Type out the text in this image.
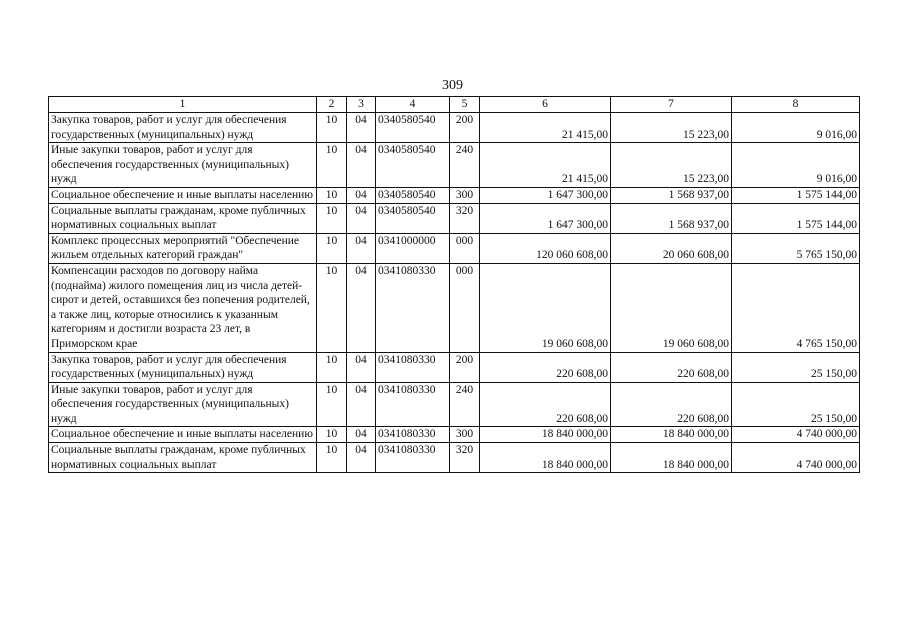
309
1	2	3	4	5	6	7	8
Закупка товаров, работ и услуг для обеспечения государственных (муниципальных) нужд	10	04	0340580540	200	21 415,00	15 223,00	9 016,00
Иные закупки товаров, работ и услуг для обеспечения государственных (муниципальных) нужд	10	04	0340580540	240	21 415,00	15 223,00	9 016,00
Социальное обеспечение и иные выплаты населению	10	04	0340580540	300	1 647 300,00	1 568 937,00	1 575 144,00
Социальные выплаты гражданам, кроме публичных нормативных социальных выплат	10	04	0340580540	320	1 647 300,00	1 568 937,00	1 575 144,00
Комплекс процессных мероприятий "Обеспечение жильем отдельных категорий граждан"	10	04	0341000000	000	120 060 608,00	20 060 608,00	5 765 150,00
Компенсации расходов по договору найма (поднайма) жилого помещения лиц из числа детей-сирот и детей, оставшихся без попечения родителей, а также лиц, которые относились к указанным категориям и достигли возраста 23 лет, в Приморском крае	10	04	0341080330	000	19 060 608,00	19 060 608,00	4 765 150,00
Закупка товаров, работ и услуг для обеспечения государственных (муниципальных) нужд	10	04	0341080330	200	220 608,00	220 608,00	25 150,00
Иные закупки товаров, работ и услуг для обеспечения государственных (муниципальных) нужд	10	04	0341080330	240	220 608,00	220 608,00	25 150,00
Социальное обеспечение и иные выплаты населению	10	04	0341080330	300	18 840 000,00	18 840 000,00	4 740 000,00
Социальные выплаты гражданам, кроме публичных нормативных социальных выплат	10	04	0341080330	320	18 840 000,00	18 840 000,00	4 740 000,00
